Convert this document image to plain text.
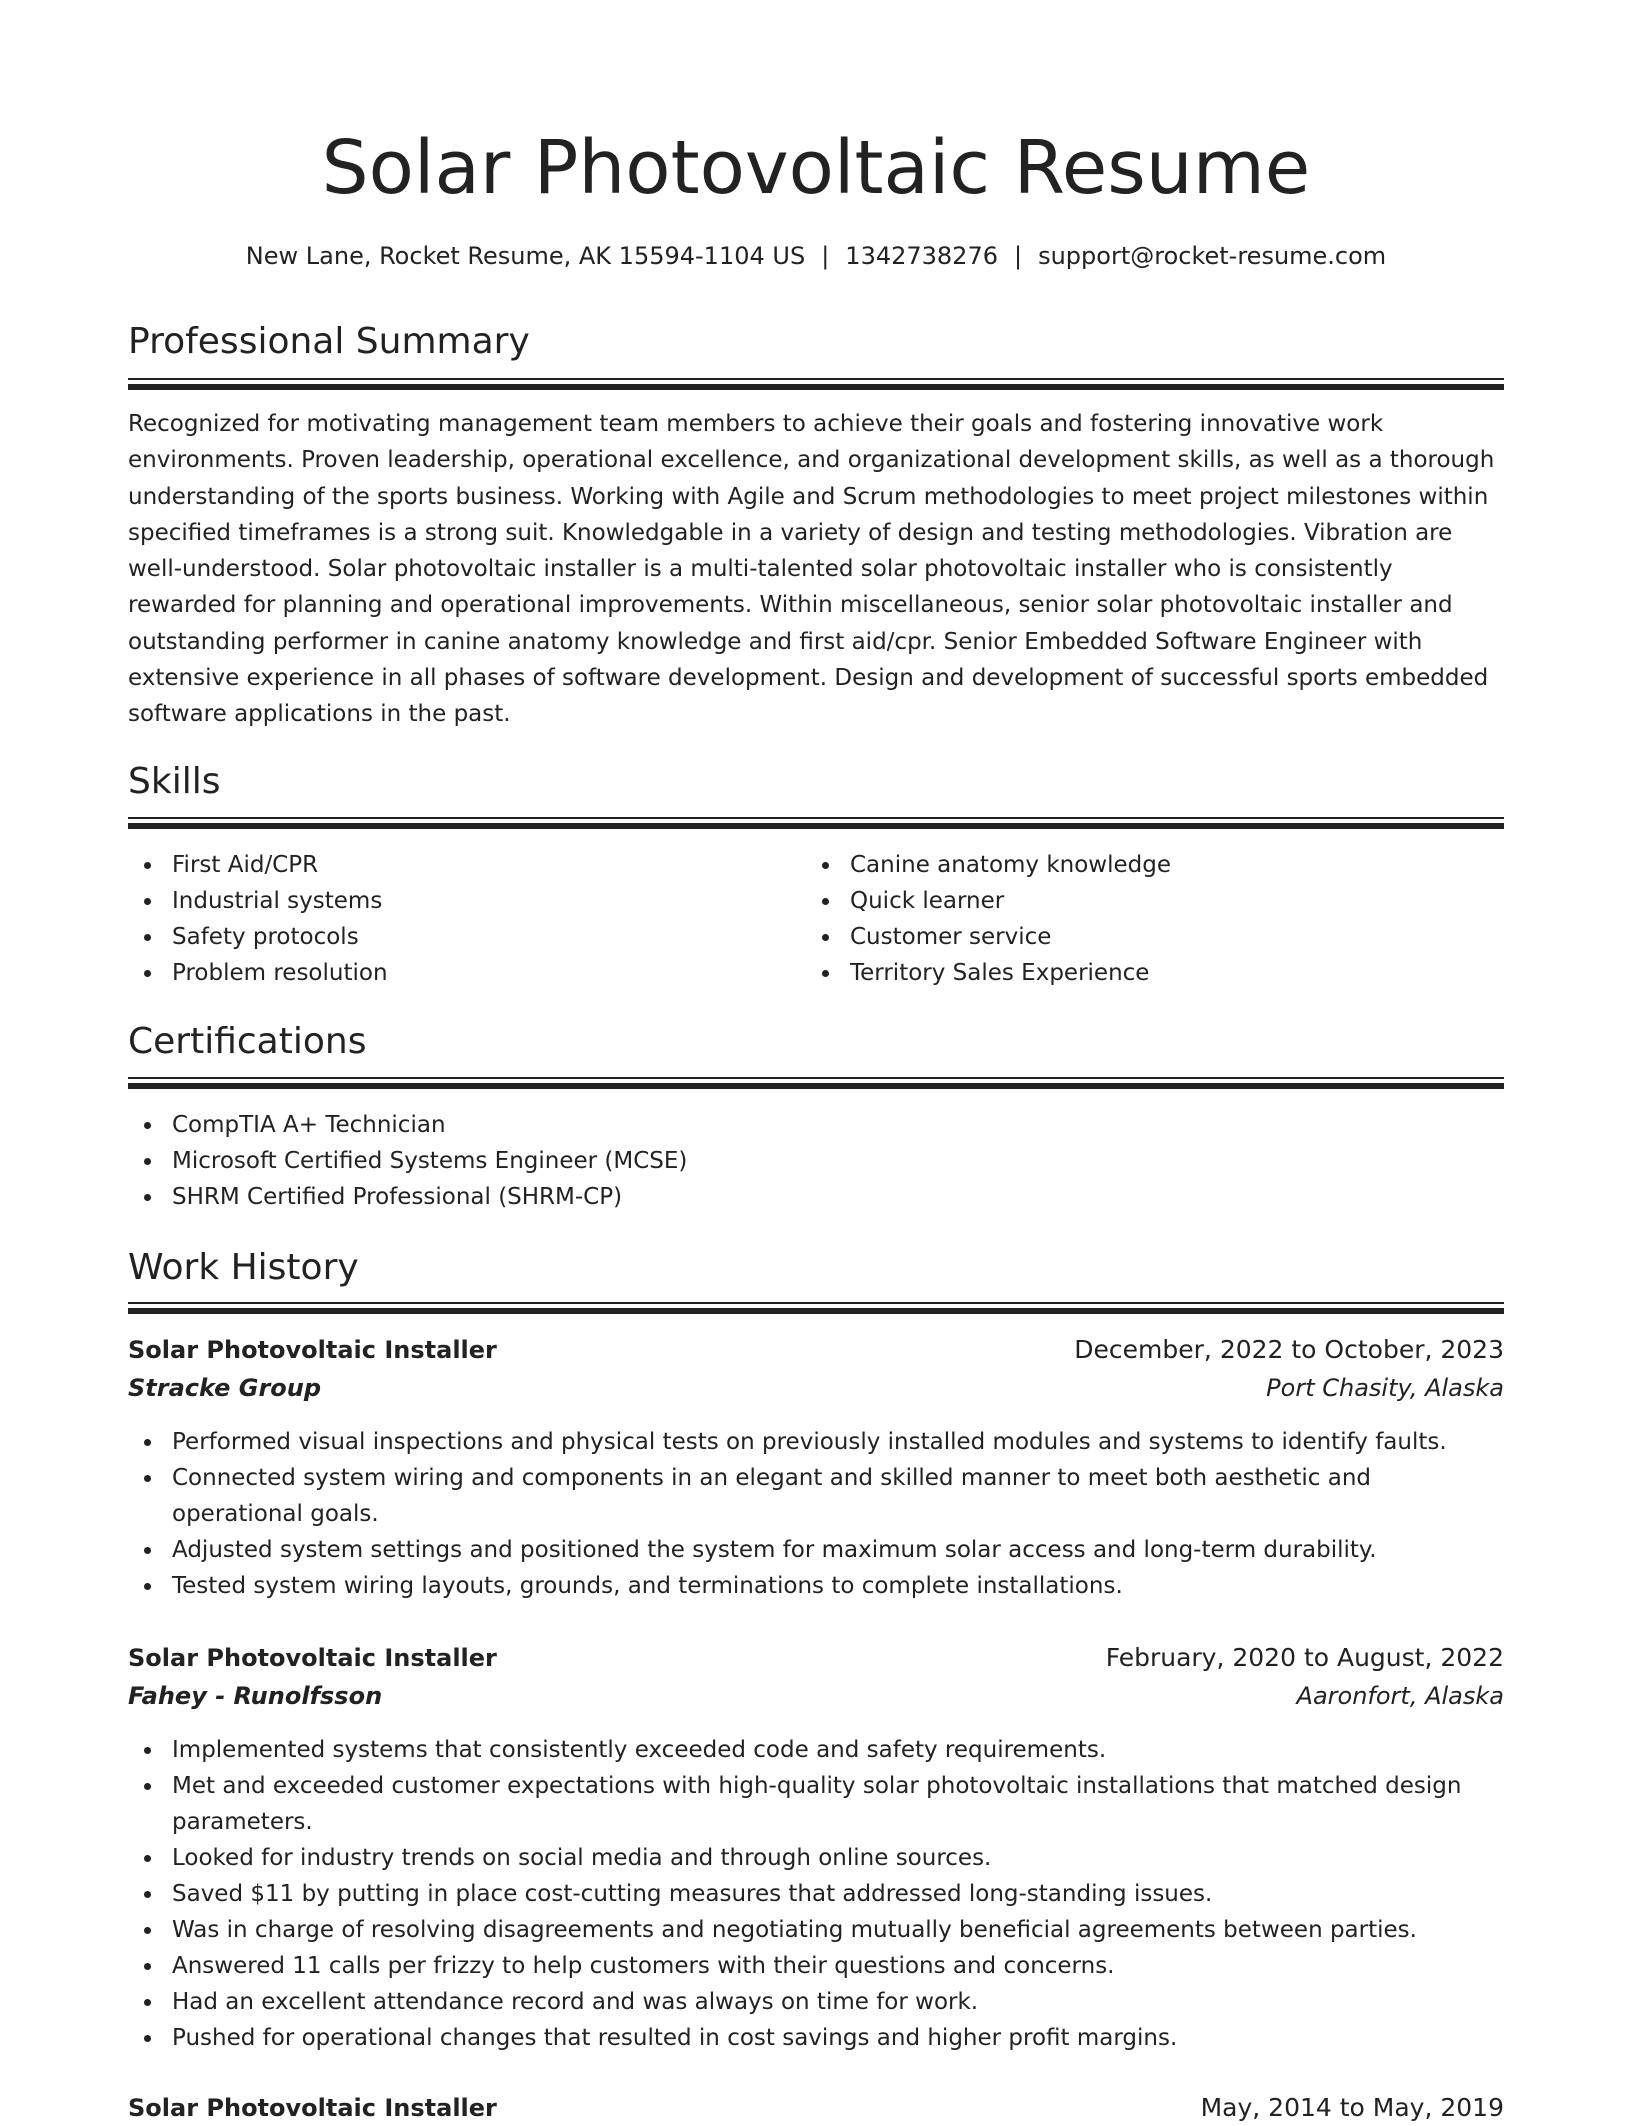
Solar Photovoltaic Resume
New Lane, Rocket Resume, AK 15594-1104 US | 1342738276 | support@rocket-resume.com
Professional Summary

Recognized for motivating management team members to achieve their goals and fostering innovative work environments. Proven leadership, operational excellence, and organizational development skills, as well as a thorough understanding of the sports business. Working with Agile and Scrum methodologies to meet project milestones within specified timeframes is a strong suit. Knowledgable in a variety of design and testing methodologies. Vibration are well-understood. Solar photovoltaic installer is a multi-talented solar photovoltaic installer who is consistently rewarded for planning and operational improvements. Within miscellaneous, senior solar photovoltaic installer and outstanding performer in canine anatomy knowledge and first aid/cpr. Senior Embedded Software Engineer with extensive experience in all phases of software development. Design and development of successful sports embedded software applications in the past.

Skills
First Aid/CPR
Industrial systems
Safety protocols
Problem resolution
Canine anatomy knowledge
Quick learner
Customer service
Territory Sales Experience
Certifications
CompTIA A+ Technician
Microsoft Certified Systems Engineer (MCSE)
SHRM Certified Professional (SHRM-CP)
Work History
Solar Photovoltaic Installer	December, 2022 to October, 2023
Stracke Group	Port Chasity, Alaska
Performed visual inspections and physical tests on previously installed modules and systems to identify faults.
Connected system wiring and components in an elegant and skilled manner to meet both aesthetic and operational goals.
Adjusted system settings and positioned the system for maximum solar access and long-term durability.
Tested system wiring layouts, grounds, and terminations to complete installations.
Solar Photovoltaic Installer	February, 2020 to August, 2022
Fahey - Runolfsson	Aaronfort, Alaska
Implemented systems that consistently exceeded code and safety requirements.
Met and exceeded customer expectations with high-quality solar photovoltaic installations that matched design parameters.
Looked for industry trends on social media and through online sources.
Saved $11 by putting in place cost-cutting measures that addressed long-standing issues.
Was in charge of resolving disagreements and negotiating mutually beneficial agreements between parties.
Answered 11 calls per frizzy to help customers with their questions and concerns.
Had an excellent attendance record and was always on time for work.
Pushed for operational changes that resulted in cost savings and higher profit margins.
Solar Photovoltaic Installer	May, 2014 to May, 2019
